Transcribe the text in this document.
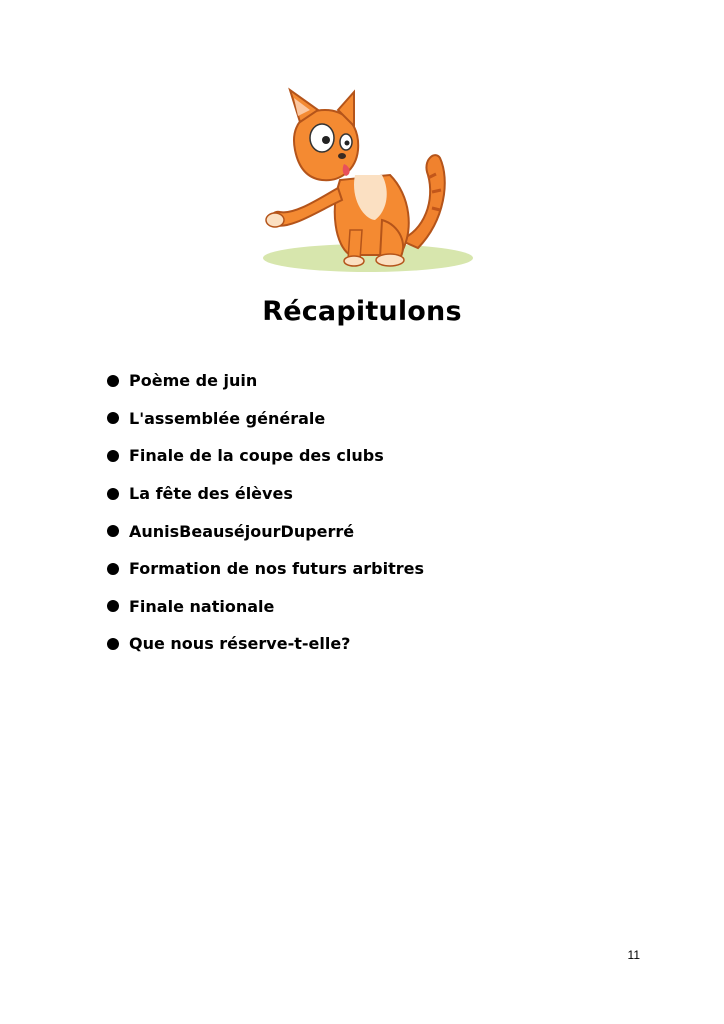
Récapitulons
Poème de juin
L'assemblée générale
Finale de la coupe des clubs
La fête des élèves
AunisBeauséjourDuperré
Formation de nos futurs arbitres
Finale nationale
Que nous réserve-t-elle?
11
